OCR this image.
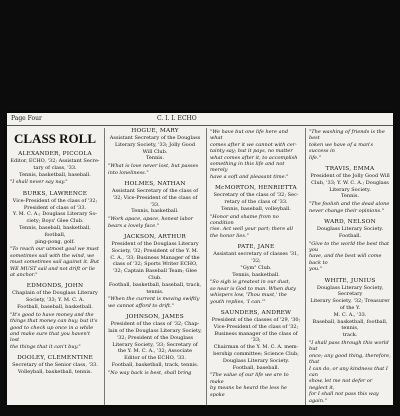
Page Four	C. I. I. ECHO
CLASS ROLL
ALEXANDER, PICCOLA
Editor, ECHO, '32; Assistant Secre-
tary of class, '33.
Tennis, basketball, baseball.
"I shall never say nay."
BURKS, LAWRENCE
Vice-President of the class of '32;
President of class of '33.
Y. M. C. A.; Douglass Literary So-
ciety; Boys' Glee Club.
Tennis, baseball, basketball, football,
ping-pong, golf.
"To reach our utmost goal we must
sometimes sail with the wind, we
must sometimes sail against it. But
WE MUST sail and not drift or lie
at anchor."
EDMONDS, JOHN
Chaplain of the Douglass Literary
Society, '33; Y. M. C. A.
Football, baseball, basketball.
"It's good to have money and the
things that money can buy, but it's
good to check up once in a while
and make sure that you haven't lost
the things that it can't buy."
DOOLEY, CLEMENTINE
Secretary of the Senior class, '33.
Volleyball, basketball, tennis.
HOGUE, MARY
Assistant Secretary of the Douglass
Literary Society, '33; Jolly Good
Will Club.
Tennis.
"What is love never lost, but passes
into loneliness."
HOLMES, NATHAN
Assistant Secretary of the class of
'32; Vice-President of the class of
'33.
Tennis, basketball.
"Work apace, apace, honest labor
bears a lovely face."
JACKSON, ARTHUR
President of the Douglass Literary
Society, '32; President of the Y. M.
C. A., '33; Business Manager of the
class of '32; Sports Writer ECHO,
'32; Captain Baseball Team; Glee
Club.
Football, basketball, baseball, track,
tennis.
"When the current is moving swiftly
we cannot afford to drift."
JOHNSON, JAMES
President of the class of '32; Chap-
lain of the Douglass Literary Society,
'32; President of the Douglass
Literary Society, '33; Secretary of
the Y. M. C. A., '32; Associate
Editor of the ECHO, '33.
Football, basketball, track, tennis.
"No way back is best, shall bring
"We have but one life here and what
comes after it we cannot with cer-
tainty say; but it pays, no matter
what comes after it, to accomplish
something in this life and not merely
have a soft and pleasant time."
McMORTON, HENRIETTA
Secretary of the class of '32; Sec-
retary of the class of '33.
Tennis, baseball, volleyball.
"Honor and shame from no condition
rise. Act well your part; there all
the honor lies."
PATE, JANE
Assistant secretary of classes '31, '32;
"Gym" Club.
Tennis, basketball.
"So sigh is greatest in our dust,
so near is God to man. When duty
whispers low, 'Thou must,' the
youth replies, 'I can.'"
SAUNDERS, ANDREW
President of the classes of '29, '30;
Vice-President of the class of '32;
Business manager of the class of '33;
Chairman of the Y. M. C. A. mem-
bership committee; Science Club;
Douglass Literary Society.
Football, baseball.
"The value of our life we are to make
by means he heard the less he spoke
"The washing of friends is the best
token we have of a man's success in
life."
TRAVIS, EMMA
President of the Jolly Good Will
Club, '33; Y. W. C. A.; Douglass
Literary Society.
Tennis.
"The foolish and the dead alone
never change their opinions."
WARD, NELSON
Douglass Literary Society.
Football.
"Give to the world the best that you
have, and the best will come back to
you."
WHITE, JUNIUS
Douglass Literary Society, Secretary
Literary Society, '32; Treasurer of the Y.
M. C. A., '33.
Baseball, basketball, football, tennis,
track.
"I shall pass through this world but
once; any good thing, therefore, that
I can do, or any kindness that I can
show, let me not defer or neglect it,
for I shall not pass this way again."
We Have Been the Druggists for
